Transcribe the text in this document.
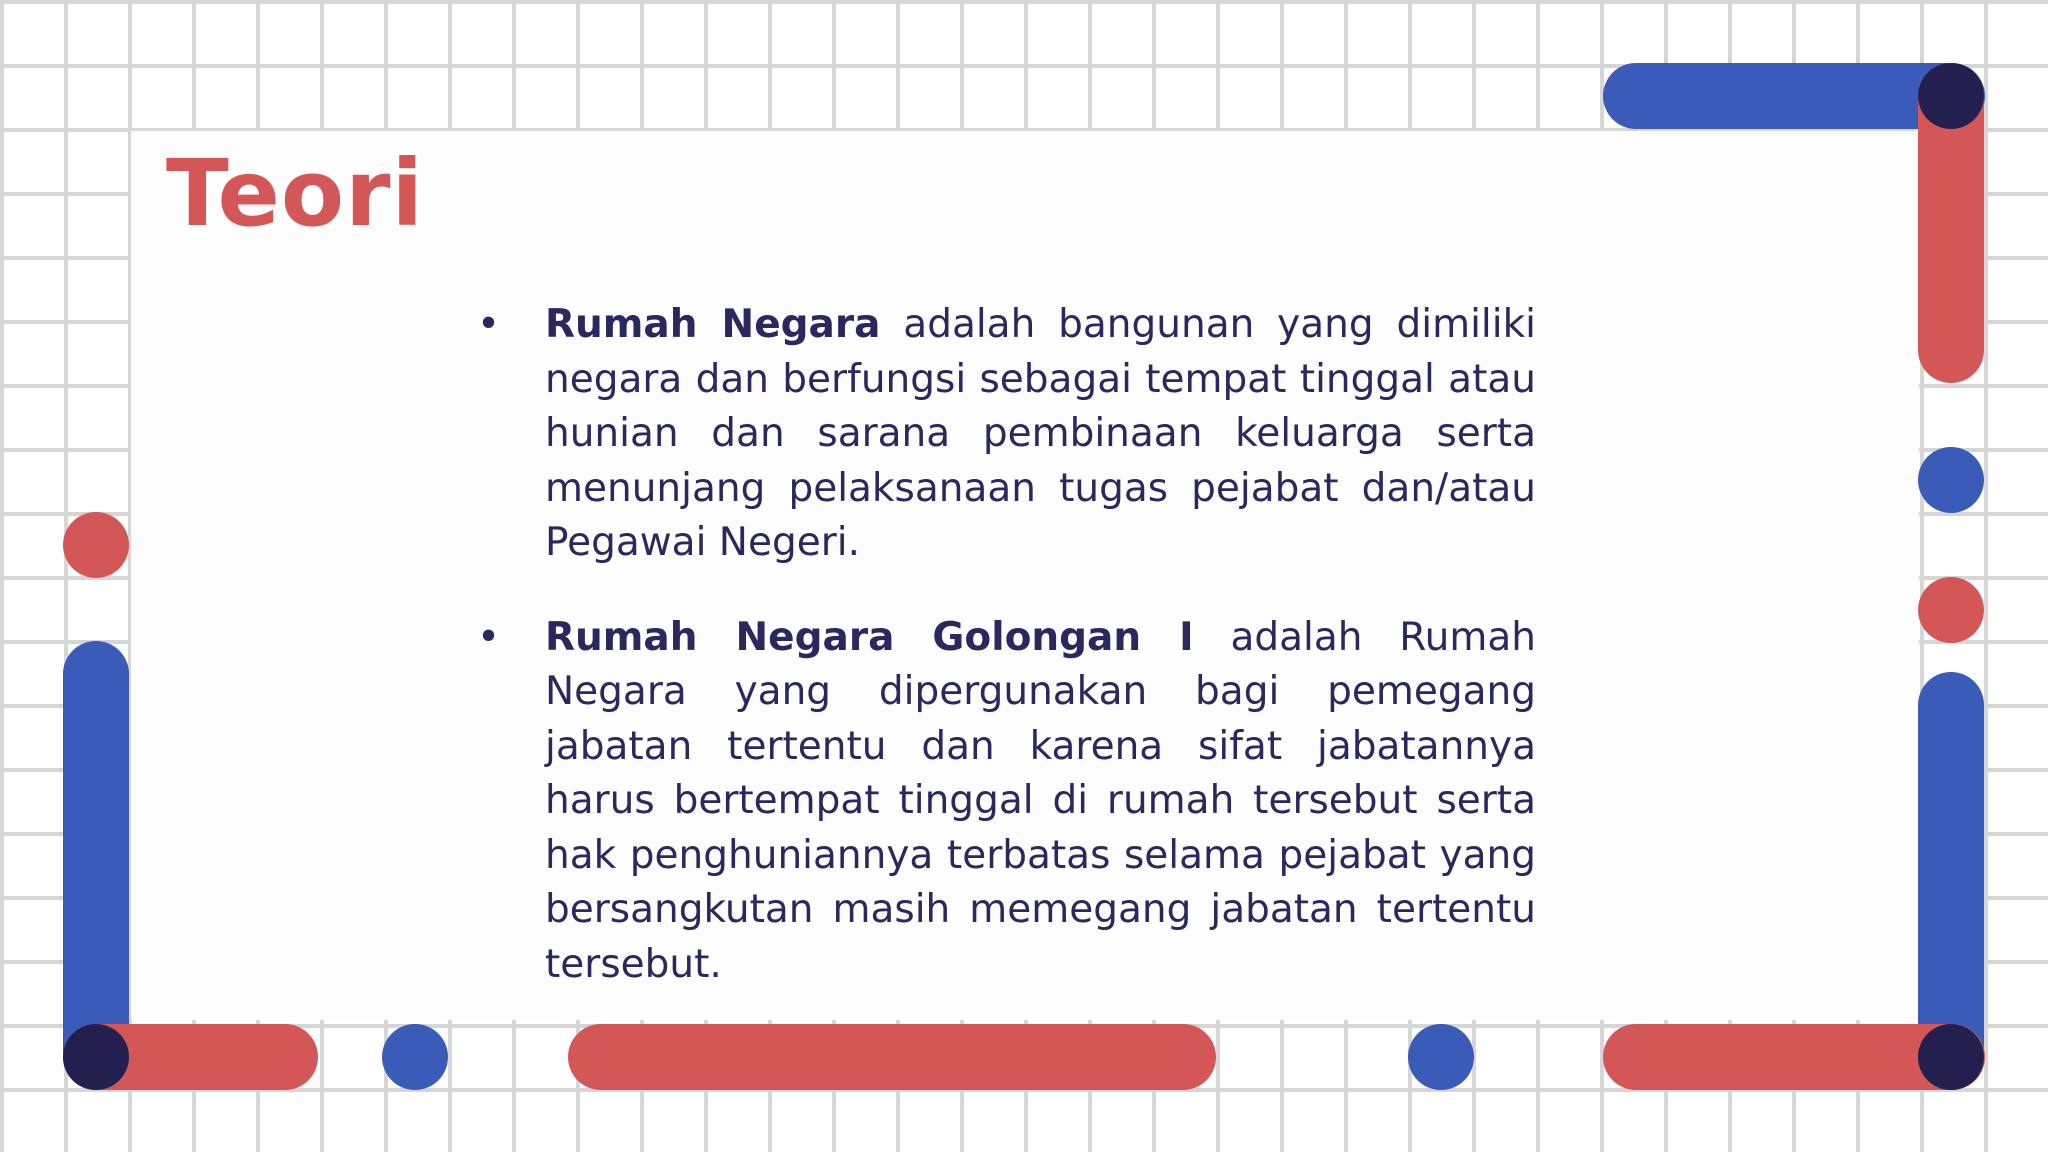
Teori
• Rumah Negara adalah bangunan yang dimiliki negara dan berfungsi sebagai tempat tinggal atau hunian dan sarana pembinaan keluarga serta menunjang pelaksanaan tugas pejabat dan/atau Pegawai Negeri.
• Rumah Negara Golongan I adalah Rumah Negara yang dipergunakan bagi pemegang jabatan tertentu dan karena sifat jabatannya harus bertempat tinggal di rumah tersebut serta hak penghuniannya terbatas selama pejabat yang bersangkutan masih memegang jabatan tertentu tersebut.
